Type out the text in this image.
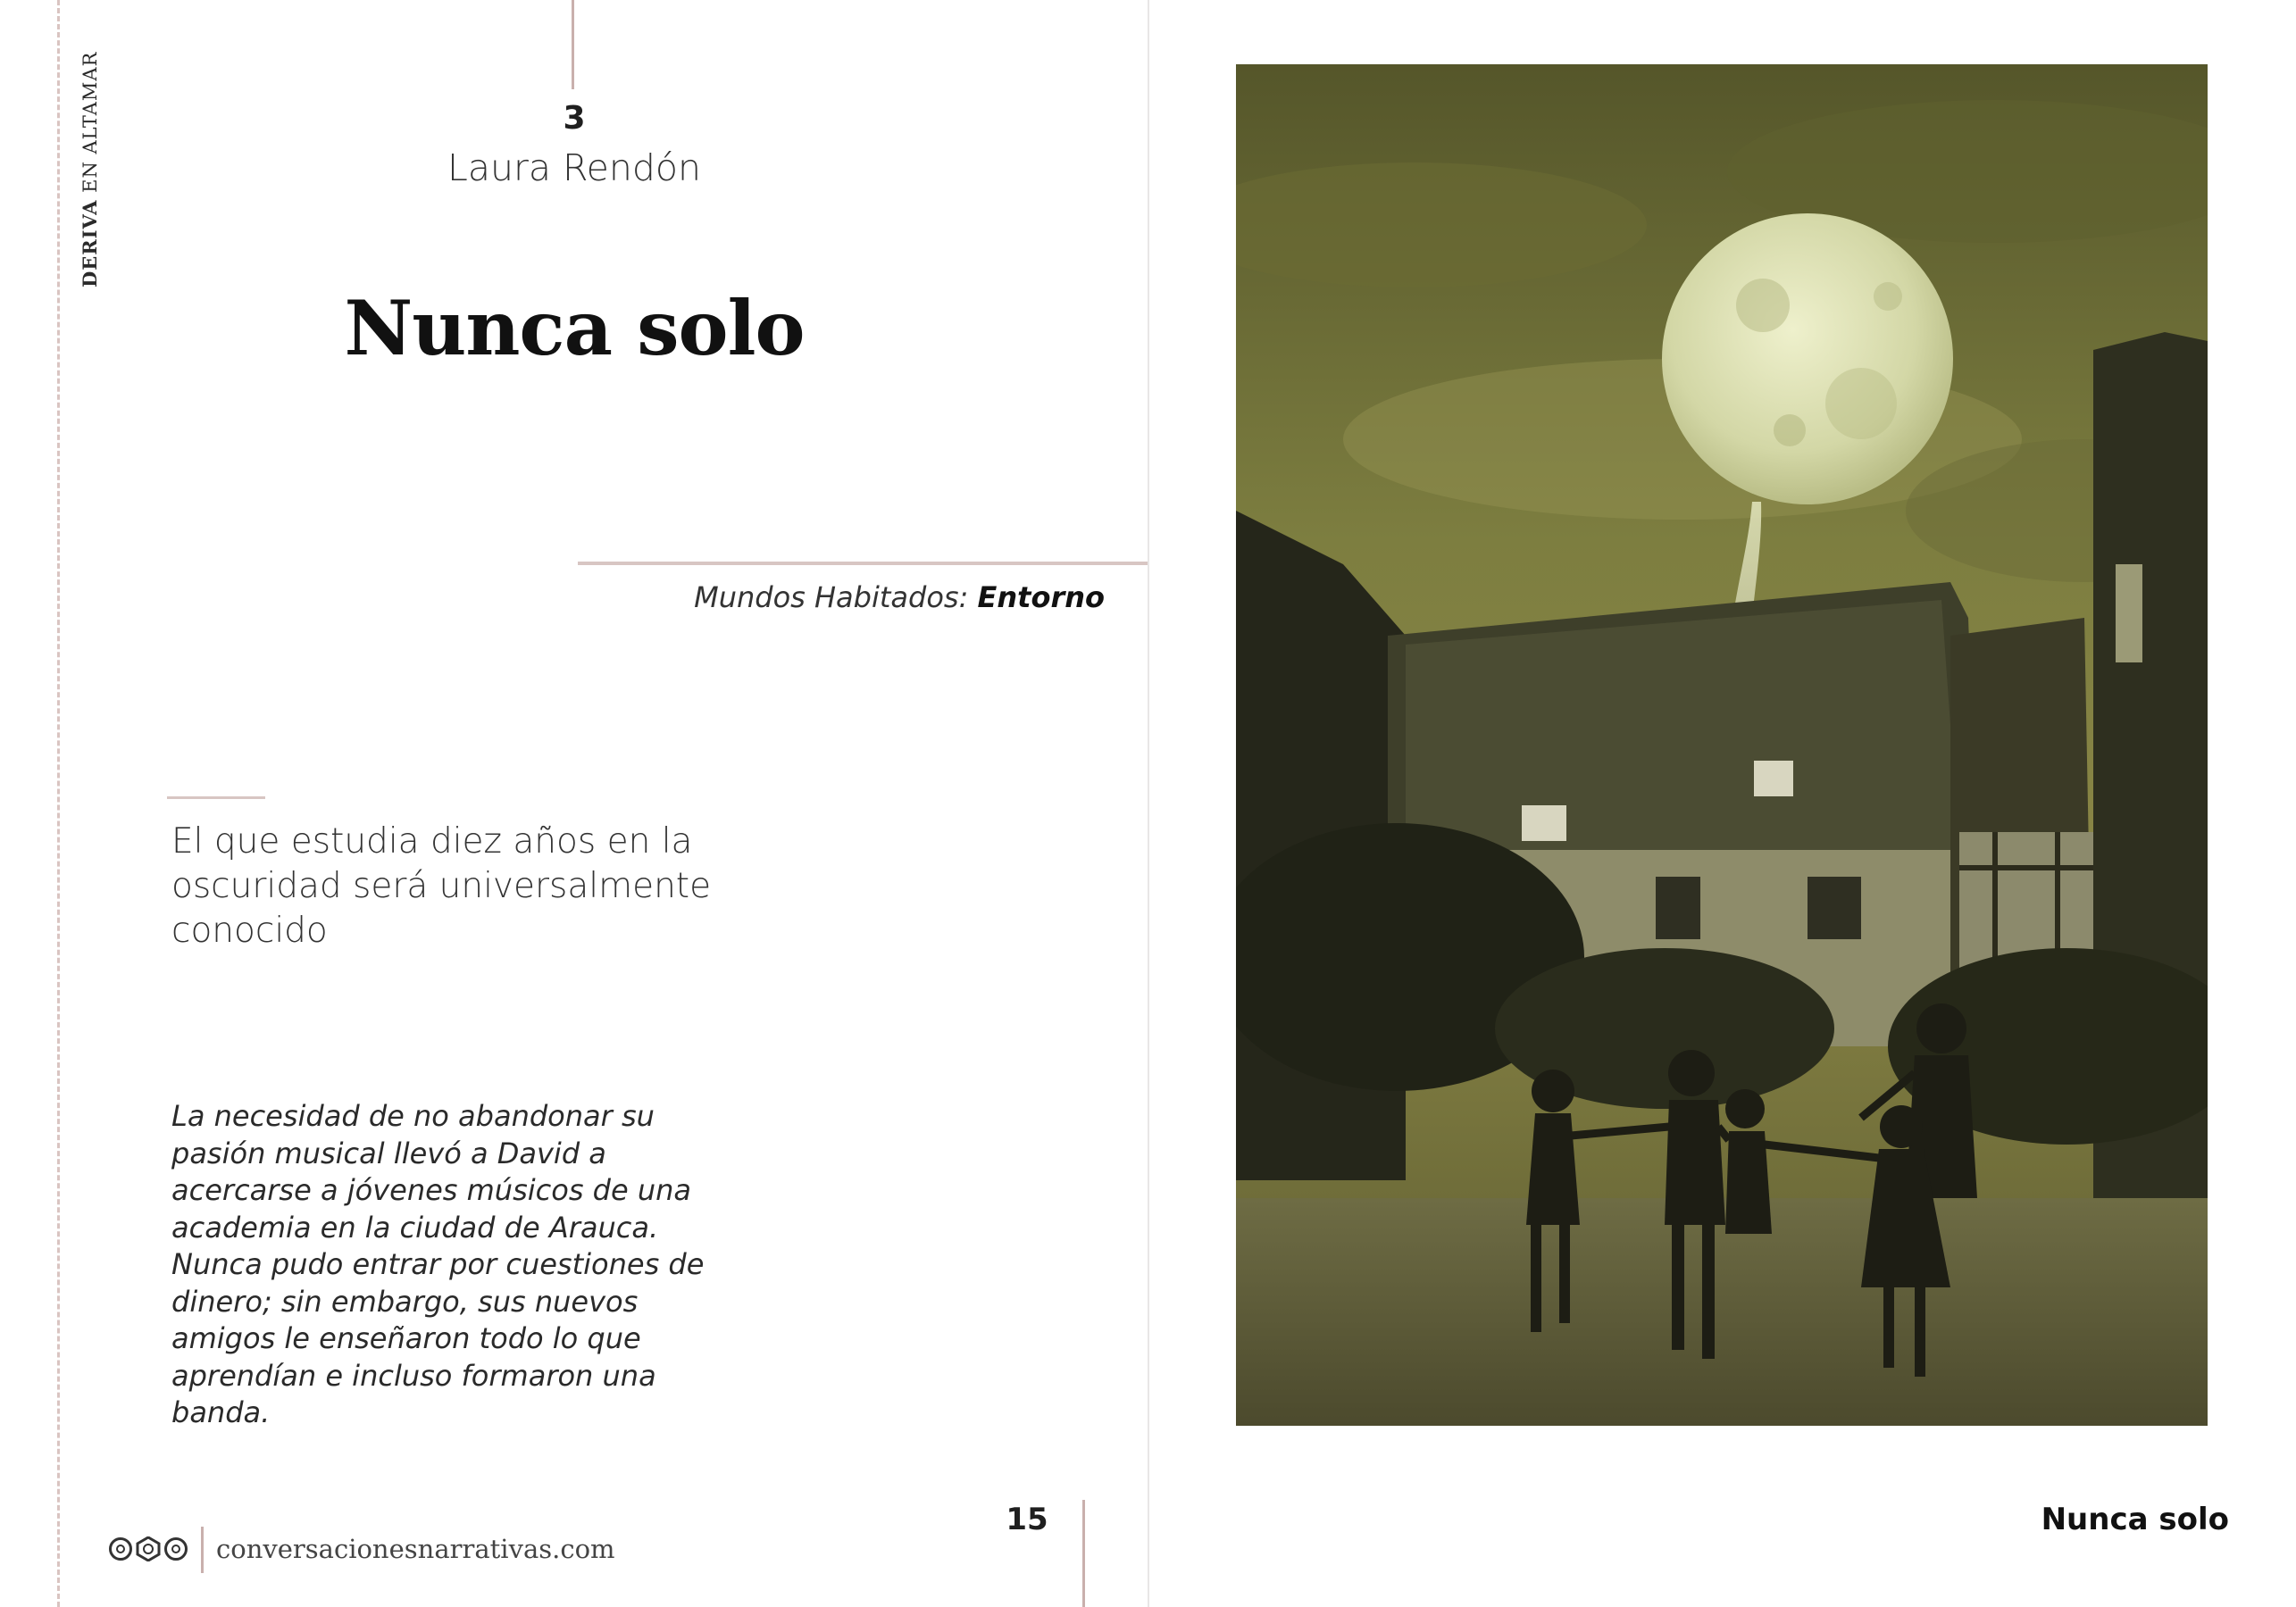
DERIVA EN ALTAMAR	3
Laura Rendón
Nunca solo
Mundos Habitados: Entorno
El que estudia diez años en la oscuridad será universalmente conocido
La necesidad de no abandonar su pasión musical llevó a David a acercarse a jóvenes músicos de una academia en la ciudad de Arauca. Nunca pudo entrar por cuestiones de dinero; sin embargo, sus nuevos amigos le enseñaron todo lo que aprendían e incluso formaron una banda.
conversacionesnarrativas.com
15	Nunca solo
